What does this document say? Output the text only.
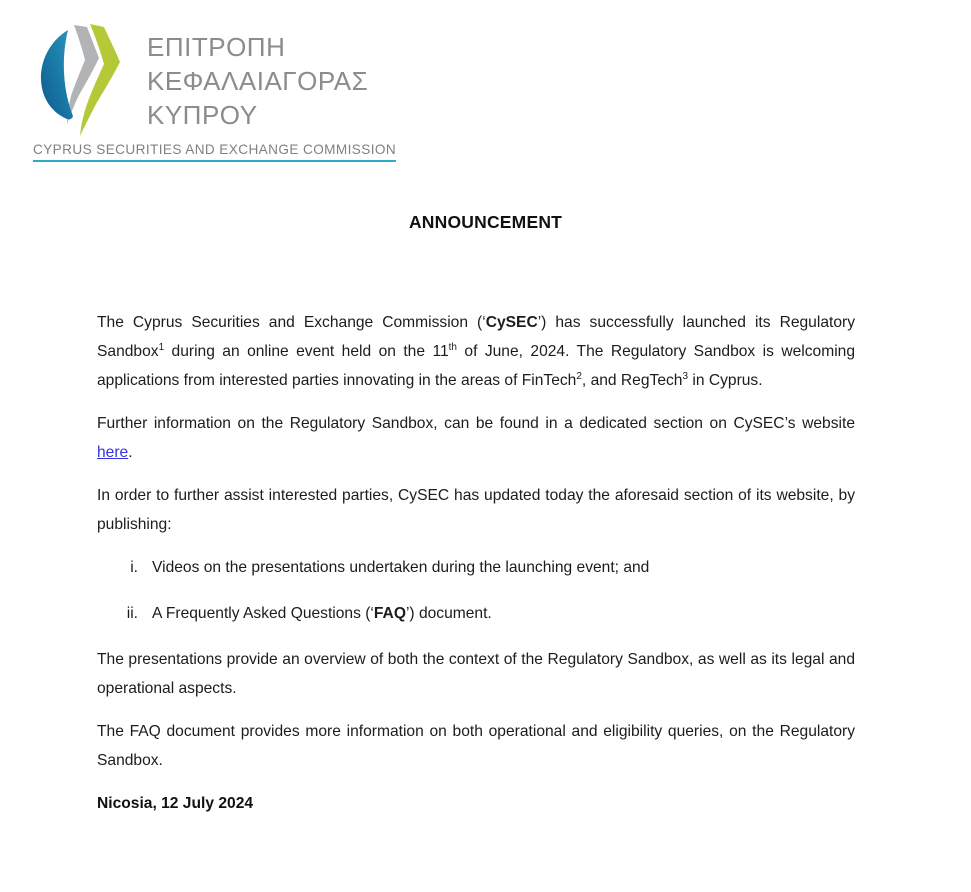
ΕΠΙΤΡΟΠΗ
ΚΕΦΑΛΑΙΑΓΟΡΑΣ
ΚΥΠΡΟΥ
CYPRUS SECURITIES AND EXCHANGE COMMISSION
ANNOUNCEMENT

The Cyprus Securities and Exchange Commission (‘CySEC’) has successfully launched its Regulatory Sandbox$^1$ during an online event held on the 11th of June, 2024. The Regulatory Sandbox is welcoming applications from interested parties innovating in the areas of FinTech$^2$, and RegTech$^3$ in Cyprus.

Further information on the Regulatory Sandbox, can be found in a dedicated section on CySEC’s website here.

In order to further assist interested parties, CySEC has updated today the aforesaid section of its website, by publishing:

i. Videos on the presentations undertaken during the launching event; and
ii. A Frequently Asked Questions (‘FAQ’) document.

The presentations provide an overview of both the context of the Regulatory Sandbox, as well as its legal and operational aspects.

The FAQ document provides more information on both operational and eligibility queries, on the Regulatory Sandbox.

Nicosia, 12 July 2024
